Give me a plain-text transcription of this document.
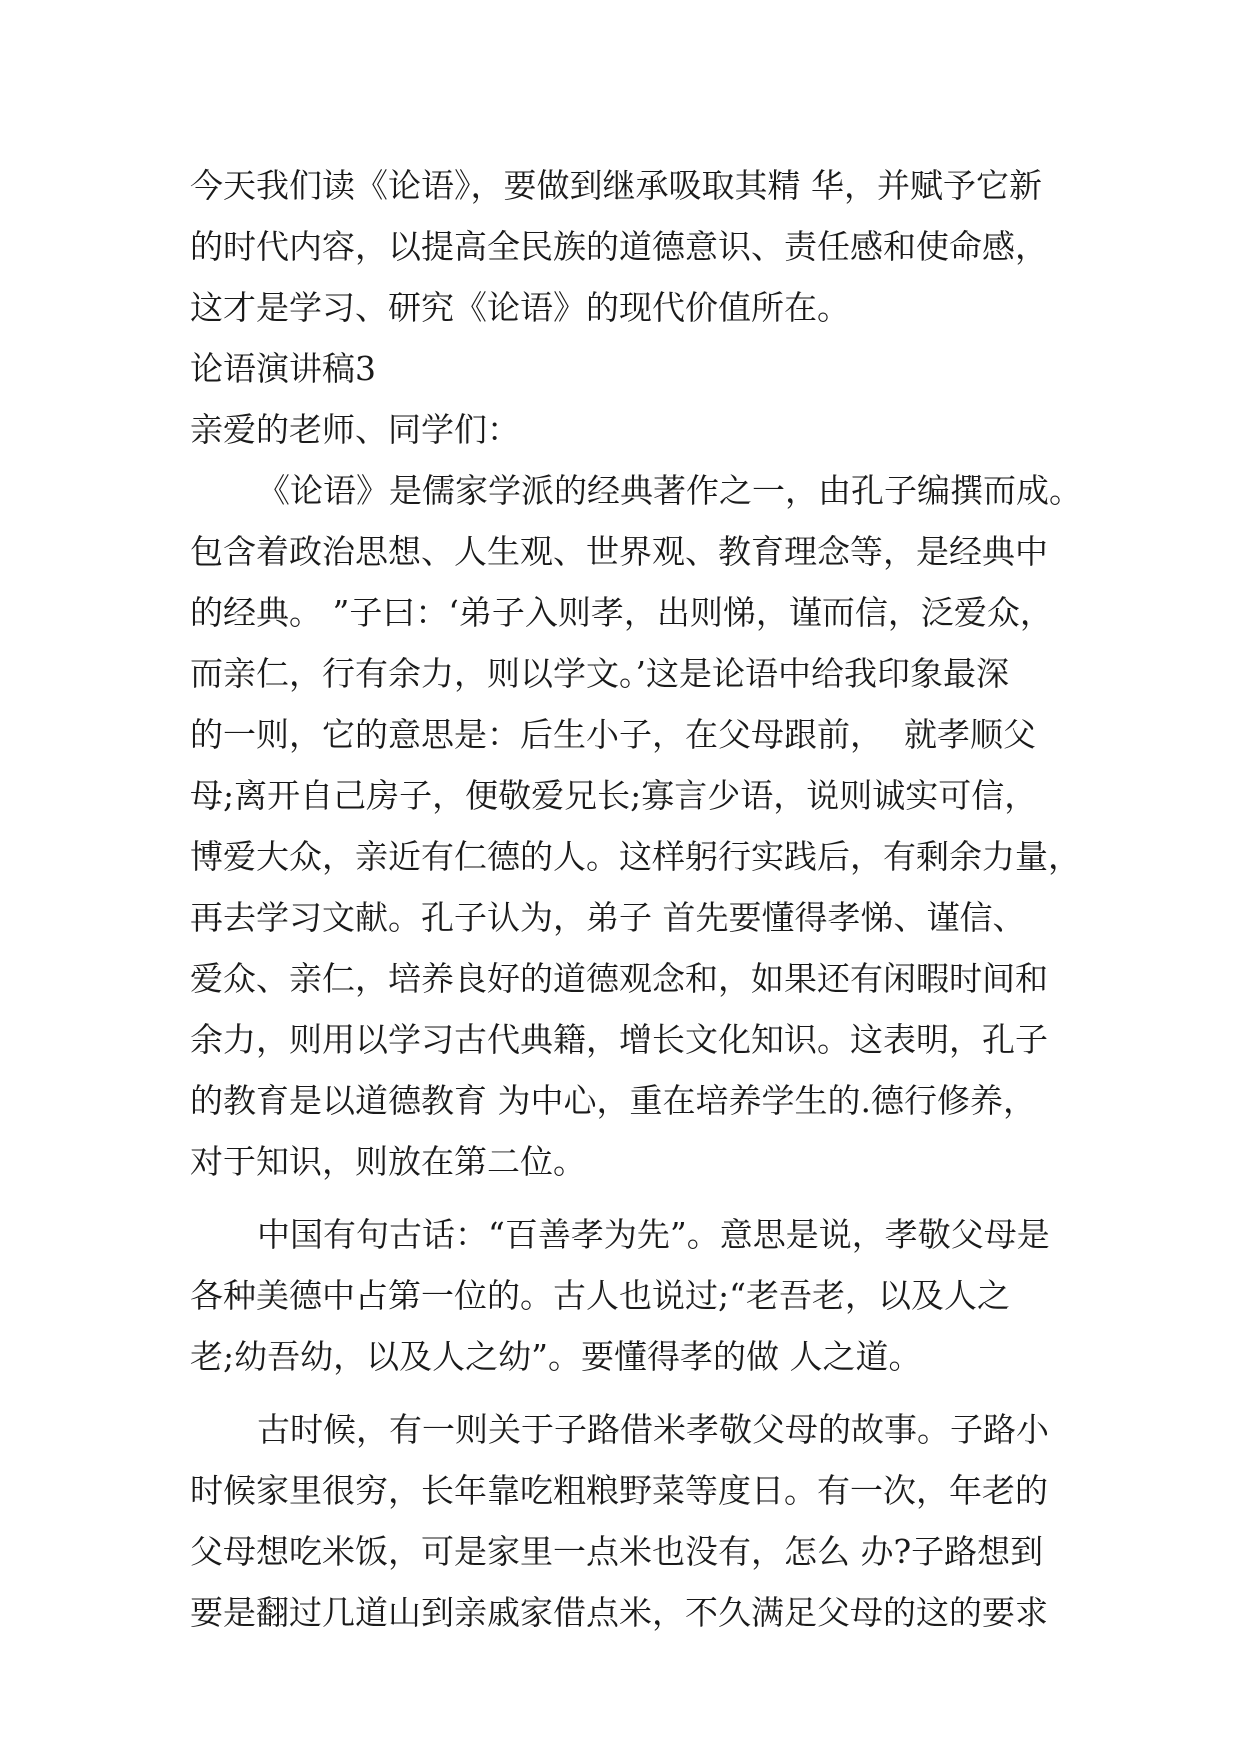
今天我们读《论语》，要做到继承吸取其精 华，并赋予它新
的时代内容，以提高全民族的道德意识、责任感和使命感，
这才是学习、研究《论语》的现代价值所在。
论语演讲稿3
亲爱的老师、同学们：
《论语》是儒家学派的经典著作之一，由孔子编撰而成。
包含着政治思想、人生观、世界观、教育理念等，是经典中
的经典。 ”子曰：‘弟子入则孝，出则悌，谨而信，泛爱众，
而亲仁，行有余力，则以学文。’这是论语中给我印象最深
的一则，它的意思是：后生小子，在父母跟前，  就孝顺父
母;离开自己房子，便敬爱兄长;寡言少语，说则诚实可信，
博爱大众，亲近有仁德的人。这样躬行实践后，有剩余力量，
再去学习文献。孔子认为，弟子 首先要懂得孝悌、谨信、
爱众、亲仁，培养良好的道德观念和，如果还有闲暇时间和
余力，则用以学习古代典籍，增长文化知识。这表明，孔子
的教育是以道德教育 为中心，重在培养学生的.德行修养，
对于知识，则放在第二位。
中国有句古话：“百善孝为先”。意思是说，孝敬父母是
各种美德中占第一位的。古人也说过;“老吾老，以及人之
老;幼吾幼，以及人之幼”。要懂得孝的做 人之道。
古时候，有一则关于子路借米孝敬父母的故事。子路小
时候家里很穷，长年靠吃粗粮野菜等度日。有一次，年老的
父母想吃米饭，可是家里一点米也没有，怎么 办?子路想到
要是翻过几道山到亲戚家借点米，不久满足父母的这的要求
